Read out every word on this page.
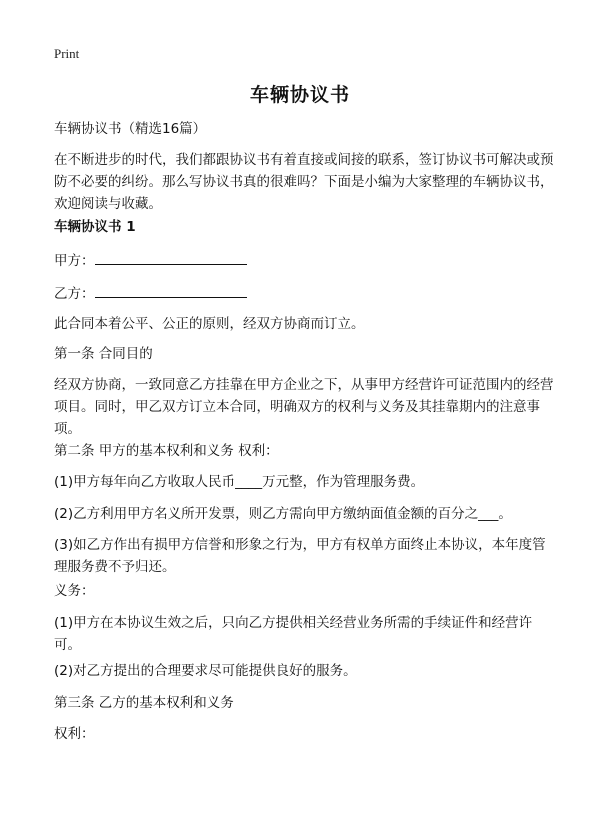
Print
车辆协议书

车辆协议书（精选16篇）

在不断进步的时代，我们都跟协议书有着直接或间接的联系，签订协议书可解决或预防不必要的纠纷。那么写协议书真的很难吗？下面是小编为大家整理的车辆协议书，欢迎阅读与收藏。

车辆协议书 1

甲方：

乙方：

此合同本着公平、公正的原则，经双方协商而订立。

第一条 合同目的

经双方协商，一致同意乙方挂靠在甲方企业之下，从事甲方经营许可证范围内的经营项目。同时，甲乙双方订立本合同，明确双方的权利与义务及其挂靠期内的注意事项。

第二条 甲方的基本权利和义务 权利：

(1)甲方每年向乙方收取人民币____万元整，作为管理服务费。

(2)乙方利用甲方名义所开发票，则乙方需向甲方缴纳面值金额的百分之___。

(3)如乙方作出有损甲方信誉和形象之行为，甲方有权单方面终止本协议，本年度管理服务费不予归还。

义务：

(1)甲方在本协议生效之后，只向乙方提供相关经营业务所需的手续证件和经营许可。

(2)对乙方提出的合理要求尽可能提供良好的服务。

第三条 乙方的基本权利和义务

权利：
